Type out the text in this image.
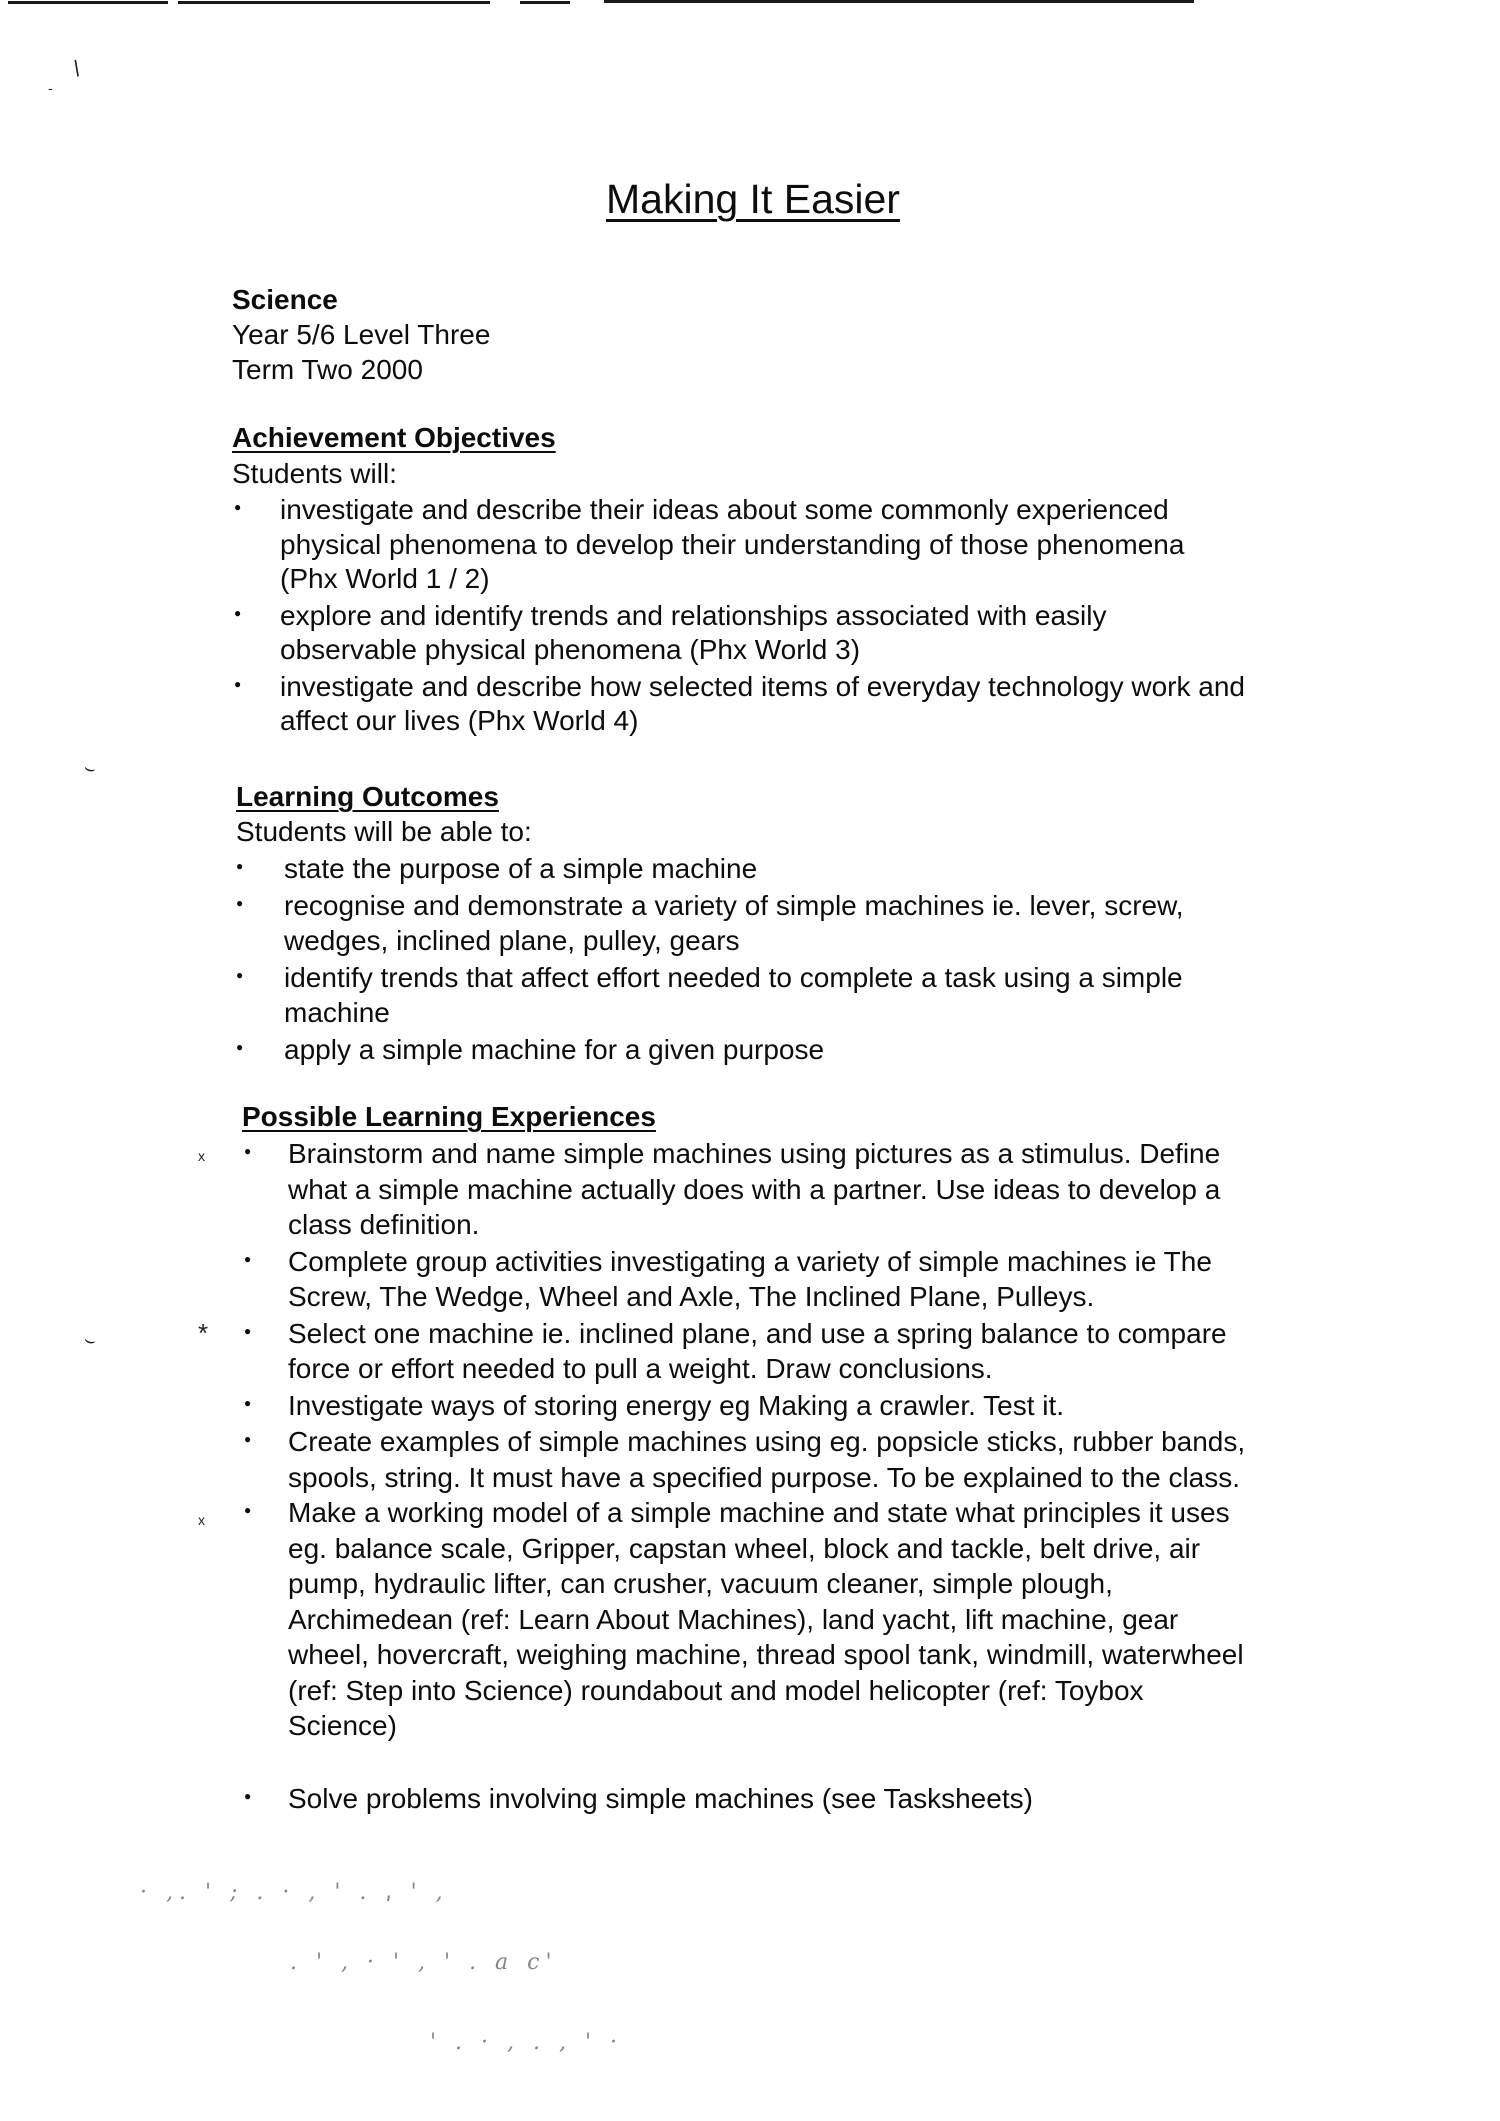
/
-
⌣
⌣
Making It Easier
Science
Year 5/6 Level Three
Term Two 2000
Achievement Objectives
Students will:
● investigate and describe their ideas about some commonly experienced
physical phenomena to develop their understanding of those phenomena
(Phx World 1 / 2)
● explore and identify trends and relationships associated with easily
observable physical phenomena (Phx World 3)
● investigate and describe how selected items of everyday technology work and
affect our lives (Phx World 4)
Learning Outcomes
Students will be able to:
● state the purpose of a simple machine
● recognise and demonstrate a variety of simple machines ie. lever, screw,
wedges, inclined plane, pulley, gears
● identify trends that affect effort needed to complete a task using a simple
machine
● apply a simple machine for a given purpose
Possible Learning Experiences
● Brainstorm and name simple machines using pictures as a stimulus. Define
what a simple machine actually does with a partner. Use ideas to develop a
class definition.
● Complete group activities investigating a variety of simple machines ie The
Screw, The Wedge, Wheel and Axle, The Inclined Plane, Pulleys.
● Select one machine ie. inclined plane, and use a spring balance to compare
force or effort needed to pull a weight. Draw conclusions.
● Investigate ways of storing energy eg Making a crawler. Test it.
● Create examples of simple machines using eg. popsicle sticks, rubber bands,
spools, string. It must have a specified purpose. To be explained to the class.
● Make a working model of a simple machine and state what principles it uses
eg. balance scale, Gripper, capstan wheel, block and tackle, belt drive, air
pump, hydraulic lifter, can crusher, vacuum cleaner, simple plough,
Archimedean (ref: Learn About Machines), land yacht, lift machine, gear
wheel, hovercraft, weighing machine, thread spool tank, windmill, waterwheel
(ref: Step into Science) roundabout and model helicopter (ref: Toybox
Science)
● Solve problems involving simple machines (see Tasksheets)
x
*
x
· ,. ' ; . · , ' . ˌ ' ,
. ' , · ' , ' . a c'
' . · , . , ' ·
